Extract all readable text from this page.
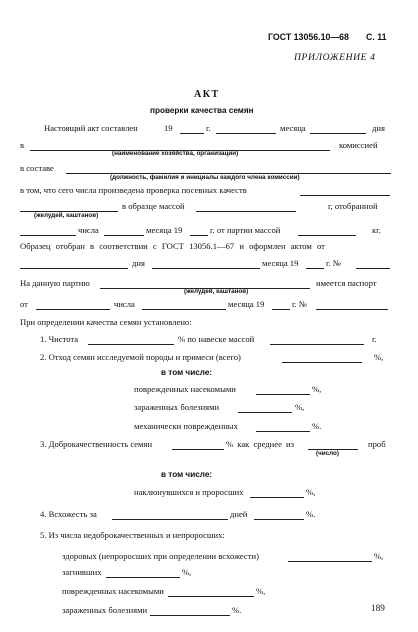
ГОСТ 13056.10—68 С. 11
ПРИЛОЖЕНИЕ 4
АКТ
проверки качества семян
Настоящий акт составлен	19	г.	месяца	дня
в	комиссией
(наименование хозяйства, организации)
в составе
(должность, фамилия и инициалы каждого члена комиссии)
в том, что сего числа произведена проверка посевных качеств
в образце массой	г, отобранной
(желудей, каштанов)
числа	месяца 19	г. от партии массой	кг.
Образец отобран в соответствии с ГОСТ 13056.1—67 и оформлен актом от
дня	месяца 19	г. №
На данную партию	имеется паспорт
(желудей, каштанов)
от	числа	месяца 19	г. №
При определении качества семян установлено:
1. Чистота	% по навеске массой	г.
2. Отход семян исследуемой породы и примеси (всего)	%,
в том числе:
поврежденных насекомыми	%,
зараженных болезнями	%,
механически поврежденных	%.
3. Доброкачественность семян	% как среднее из	проб
(число)
в том числе:
наклюнувшихся и проросших	%,
4. Всхожесть за	дней	%.
5. Из числа недоброкачественных и непроросших:
здоровых (непроросших при определении всхожести)	%,
загнивших	%,
поврежденных насекомыми	%,
зараженных болезнями	%.	189
